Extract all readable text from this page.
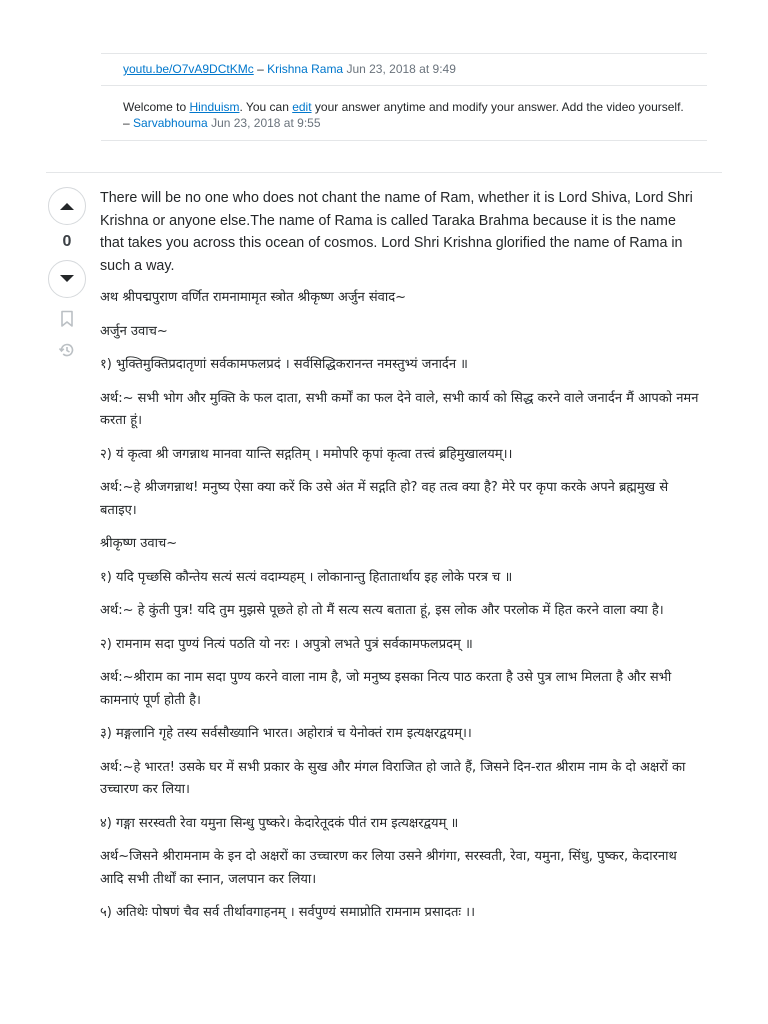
youtu.be/O7vA9DCtKMc – Krishna Rama Jun 23, 2018 at 9:49
Welcome to Hinduism. You can edit your answer anytime and modify your answer. Add the video yourself.
– Sarvabhouma Jun 23, 2018 at 9:55
0

There will be no one who does not chant the name of Ram, whether it is Lord Shiva, Lord Shri Krishna or anyone else.The name of Rama is called Taraka Brahma because it is the name that takes you across this ocean of cosmos. Lord Shri Krishna glorified the name of Rama in such a way.

अथ श्रीपद्मपुराण वर्णित रामनामामृत स्त्रोत श्रीकृष्ण अर्जुन संवाद~

अर्जुन उवाच~

१) भुक्तिमुक्तिप्रदातृणां सर्वकामफलप्रदं । सर्वसिद्धिकरानन्त नमस्तुभ्यं जनार्दन ॥

अर्थ:~ सभी भोग और मुक्ति के फल दाता, सभी कर्मों का फल देने वाले, सभी कार्य को सिद्ध करने वाले जनार्दन मैं आपको नमन करता हूं।

२) यं कृत्वा श्री जगन्नाथ मानवा यान्ति सद्गतिम् । ममोपरि कृपां कृत्वा तत्त्वं ब्रहिमुखालयम्।।

अर्थ:~हे श्रीजगन्नाथ! मनुष्य ऐसा क्या करें कि उसे अंत में सद्गति हो? वह तत्व क्या है? मेरे पर कृपा करके अपने ब्रह्ममुख से बताइए।

श्रीकृष्ण उवाच~

१) यदि पृच्छसि कौन्तेय सत्यं सत्यं वदाम्यहम् । लोकानान्तु हितातार्थाय इह लोके परत्र च ॥

अर्थ:~ हे कुंती पुत्र! यदि तुम मुझसे पूछते हो तो मैं सत्य सत्य बताता हूं, इस लोक और परलोक में हित करने वाला क्या है।

२) रामनाम सदा पुण्यं नित्यं पठति यो नरः । अपुत्रो लभते पुत्रं सर्वकामफलप्रदम् ॥

अर्थ:~श्रीराम का नाम सदा पुण्य करने वाला नाम है, जो मनुष्य इसका नित्य पाठ करता है उसे पुत्र लाभ मिलता है और सभी कामनाएं पूर्ण होती है।

३) मङ्गलानि गृहे तस्य सर्वसौख्यानि भारत। अहोरात्रं च येनोक्तं राम इत्यक्षरद्वयम्।।

अर्थ:~हे भारत! उसके घर में सभी प्रकार के सुख और मंगल विराजित हो जाते हैं, जिसने दिन-रात श्रीराम नाम के दो अक्षरों का उच्चारण कर लिया।

४) गङ्गा सरस्वती रेवा यमुना सिन्धु पुष्करे। केदारेतूदकं पीतं राम इत्यक्षरद्वयम् ॥

अर्थ~जिसने श्रीरामनाम के इन दो अक्षरों का उच्चारण कर लिया उसने श्रीगंगा, सरस्वती, रेवा, यमुना, सिंधु, पुष्कर, केदारनाथ आदि सभी तीर्थों का स्नान, जलपान कर लिया।

५) अतिथेः पोषणं चैव सर्व तीर्थावगाहनम् । सर्वपुण्यं समाप्नोति रामनाम प्रसादतः ।।
